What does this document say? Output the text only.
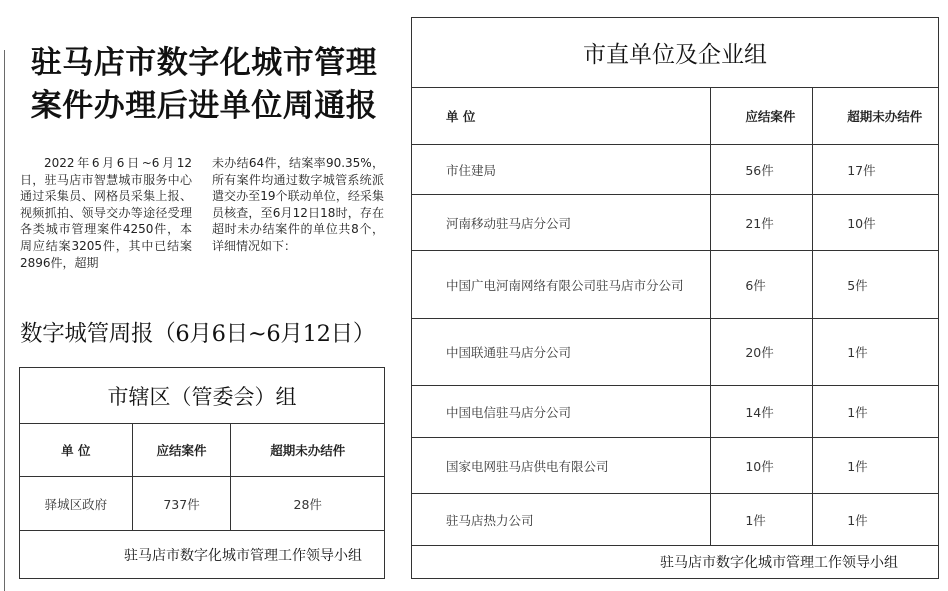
驻马店市数字化城市管理
案件办理后进单位周通报

2022年6月6日~6月12日，驻马店市智慧城市服务中心通过采集员、网格员采集上报、视频抓拍、领导交办等途径受理各类城市管理案件4250件，本周应结案3205件，其中已结案2896件，超期

未办结64件，结案率90.35%，所有案件均通过数字城管系统派遣交办至19个联动单位，经采集员核查，至6月12日18时，存在超时未办结案件的单位共8个，详细情况如下：

数字城管周报（6月6日~6月12日）
市辖区（管委会）组		
单 位	应结案件	超期未办结件
驿城区政府	737件	28件
驻马店市数字化城市管理工作领导小组		
市直单位及企业组		
单 位	应结案件	超期未办结件
市住建局	56件	17件
河南移动驻马店分公司	21件	10件
中国广电河南网络有限公司驻马店市分公司	6件	5件
中国联通驻马店分公司	20件	1件
中国电信驻马店分公司	14件	1件
国家电网驻马店供电有限公司	10件	1件
驻马店热力公司	1件	1件
驻马店市数字化城市管理工作领导小组		
